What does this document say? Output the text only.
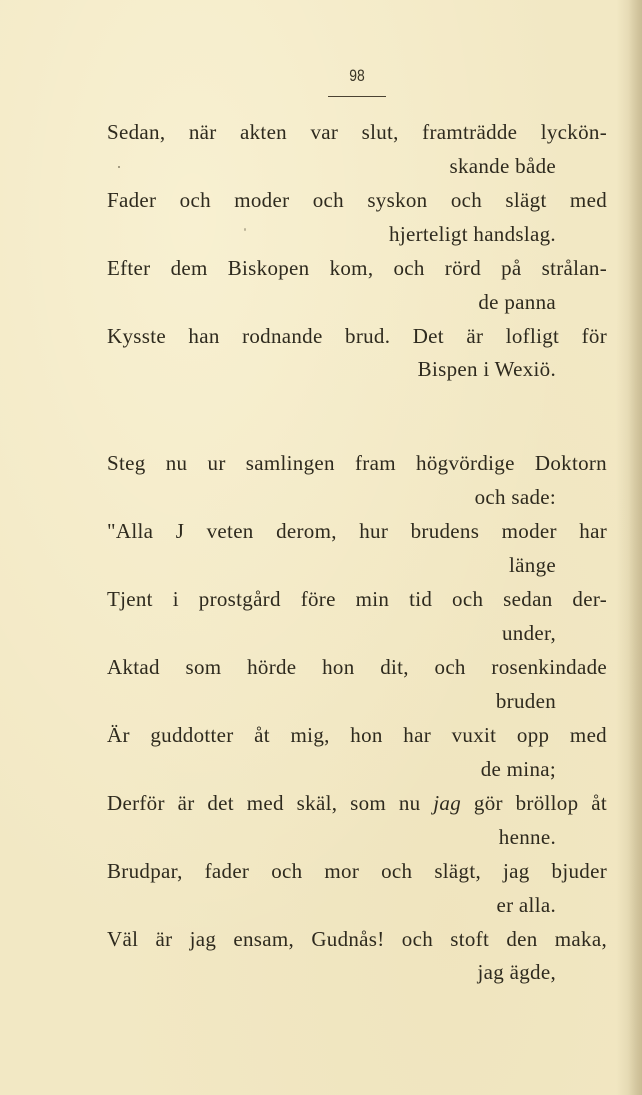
98
Sedan, när akten var slut, framträdde lyckön-
skande både
Fader och moder och syskon och slägt med
hjerteligt handslag.
Efter dem Biskopen kom, och rörd på strålan-
de panna
Kysste han rodnande brud. Det är lofligt för
Bispen i Wexiö.
Steg nu ur samlingen fram högvördige Doktorn
och sade:
"Alla J veten derom, hur brudens moder har
länge
Tjent i prostgård före min tid och sedan der-
under,
Aktad som hörde hon dit, och rosenkindade
bruden
Är guddotter åt mig, hon har vuxit opp med
de mina;
Derför är det med skäl, som nu jag gör bröllop åt
henne.
Brudpar, fader och mor och slägt, jag bjuder
er alla.
Väl är jag ensam, Gudnås! och stoft den maka,
jag ägde,
